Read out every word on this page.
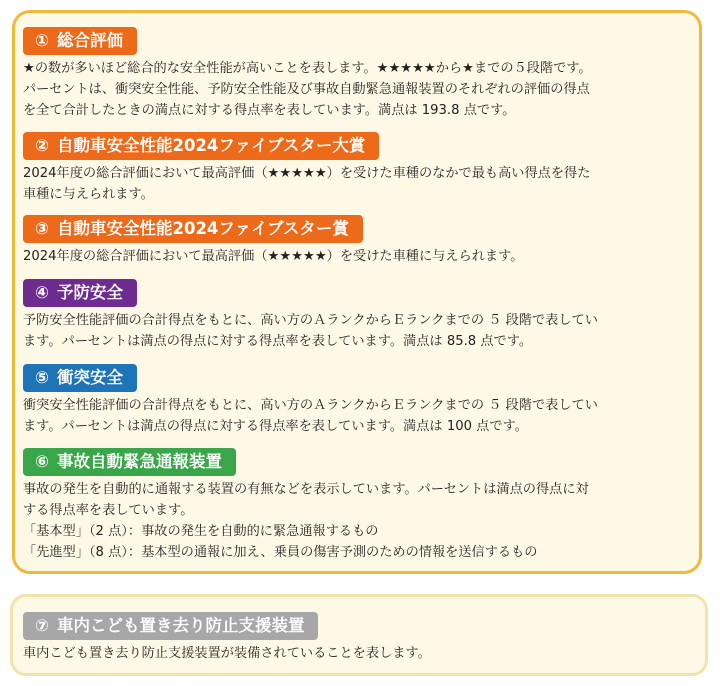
① 総合評価

★の数が多いほど総合的な安全性能が高いことを表します。★★★★★から★までの５段階です。

パーセントは、衝突安全性能、予防安全性能及び事故自動緊急通報装置のそれぞれの評価の得点

を全て合計したときの満点に対する得点率を表しています。満点は 193.8 点です。

② 自動車安全性能2024ファイブスター大賞

2024年度の総合評価において最高評価（★★★★★）を受けた車種のなかで最も高い得点を得た

車種に与えられます。

③ 自動車安全性能2024ファイブスター賞

2024年度の総合評価において最高評価（★★★★★）を受けた車種に与えられます。

④ 予防安全

予防安全性能評価の合計得点をもとに、高い方のＡランクからＥランクまでの ５ 段階で表してい

ます。パーセントは満点の得点に対する得点率を表しています。満点は 85.8 点です。

⑤ 衝突安全

衝突安全性能評価の合計得点をもとに、高い方のＡランクからＥランクまでの ５ 段階で表してい

ます。パーセントは満点の得点に対する得点率を表しています。満点は 100 点です。

⑥ 事故自動緊急通報装置

事故の発生を自動的に通報する装置の有無などを表示しています。パーセントは満点の得点に対

する得点率を表しています。

「基本型」（2 点）：事故の発生を自動的に緊急通報するもの

「先進型」（8 点）：基本型の通報に加え、乗員の傷害予測のための情報を送信するもの

⑦ 車内こども置き去り防止支援装置

車内こども置き去り防止支援装置が装備されていることを表します。
